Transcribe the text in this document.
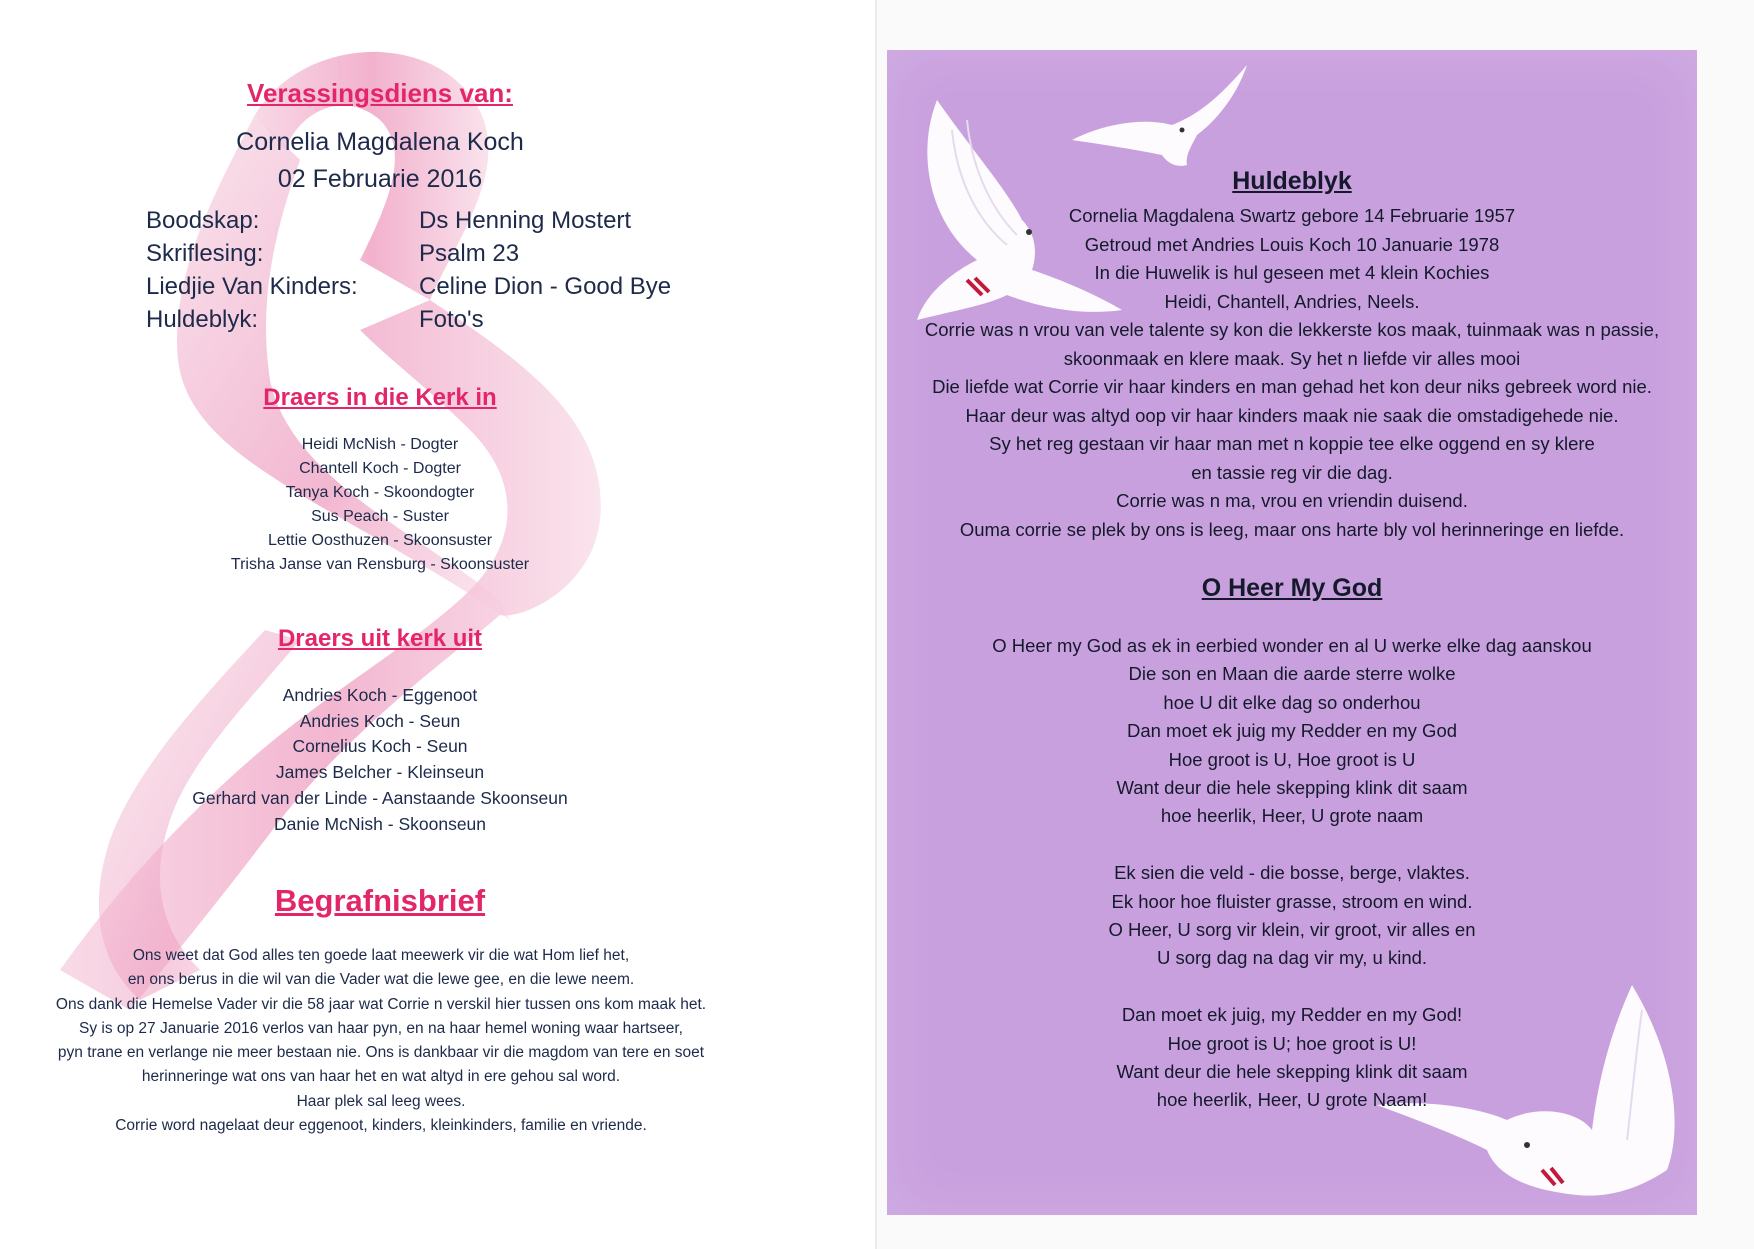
Verassingsdiens van:
Cornelia Magdalena Koch
02 Februarie 2016
Boodskap:	Ds Henning Mostert
Skriflesing:	Psalm 23
Liedjie Van Kinders:	Celine Dion - Good Bye
Huldeblyk:	Foto's
Draers in die Kerk in
Heidi McNish - Dogter
Chantell Koch - Dogter
Tanya Koch - Skoondogter
Sus Peach - Suster
Lettie Oosthuzen - Skoonsuster
Trisha Janse van Rensburg - Skoonsuster
Draers uit kerk uit
Andries Koch - Eggenoot
Andries Koch - Seun
Cornelius Koch - Seun
James Belcher - Kleinseun
Gerhard van der Linde - Aanstaande Skoonseun
Danie McNish - Skoonseun
Begrafnisbrief

Ons weet dat God alles ten goede laat meewerk vir die wat Hom lief het,

en ons berus in die wil van die Vader wat die lewe gee, en die lewe neem.

Ons dank die Hemelse Vader vir die 58 jaar wat Corrie n verskil hier tussen ons kom maak het.

Sy is op 27 Januarie 2016 verlos van haar pyn, en na haar hemel woning waar hartseer,

pyn trane en verlange nie meer bestaan nie. Ons is dankbaar vir die magdom van tere en soet

herinneringe wat ons van haar het en wat altyd in ere gehou sal word.

Haar plek sal leeg wees.

Corrie word nagelaat deur eggenoot, kinders, kleinkinders, familie en vriende.

Huldeblyk

Cornelia Magdalena Swartz gebore 14 Februarie 1957

Getroud met Andries Louis Koch 10 Januarie 1978

In die Huwelik is hul geseen met 4 klein Kochies

Heidi, Chantell, Andries, Neels.

Corrie was n vrou van vele talente sy kon die lekkerste kos maak, tuinmaak was n passie,

skoonmaak en klere maak. Sy het n liefde vir alles mooi

Die liefde wat Corrie vir haar kinders en man gehad het kon deur niks gebreek word nie.

Haar deur was altyd oop vir haar kinders maak nie saak die omstadigehede nie.

Sy het reg gestaan vir haar man met n koppie tee elke oggend en sy klere

en tassie reg vir die dag.

Corrie was n ma, vrou en vriendin duisend.

Ouma corrie se plek by ons is leeg, maar ons harte bly vol herinneringe en liefde.

O Heer My God

O Heer my God as ek in eerbied wonder en al U werke elke dag aanskou

Die son en Maan die aarde sterre wolke

hoe U dit elke dag so onderhou

Dan moet ek juig my Redder en my God

Hoe groot is U, Hoe groot is U

Want deur die hele skepping klink dit saam

hoe heerlik, Heer, U grote naam

Ek sien die veld - die bosse, berge, vlaktes.

Ek hoor hoe fluister grasse, stroom en wind.

O Heer, U sorg vir klein, vir groot, vir alles en

U sorg dag na dag vir my, u kind.

Dan moet ek juig, my Redder en my God!

Hoe groot is U; hoe groot is U!

Want deur die hele skepping klink dit saam

hoe heerlik, Heer, U grote Naam!
